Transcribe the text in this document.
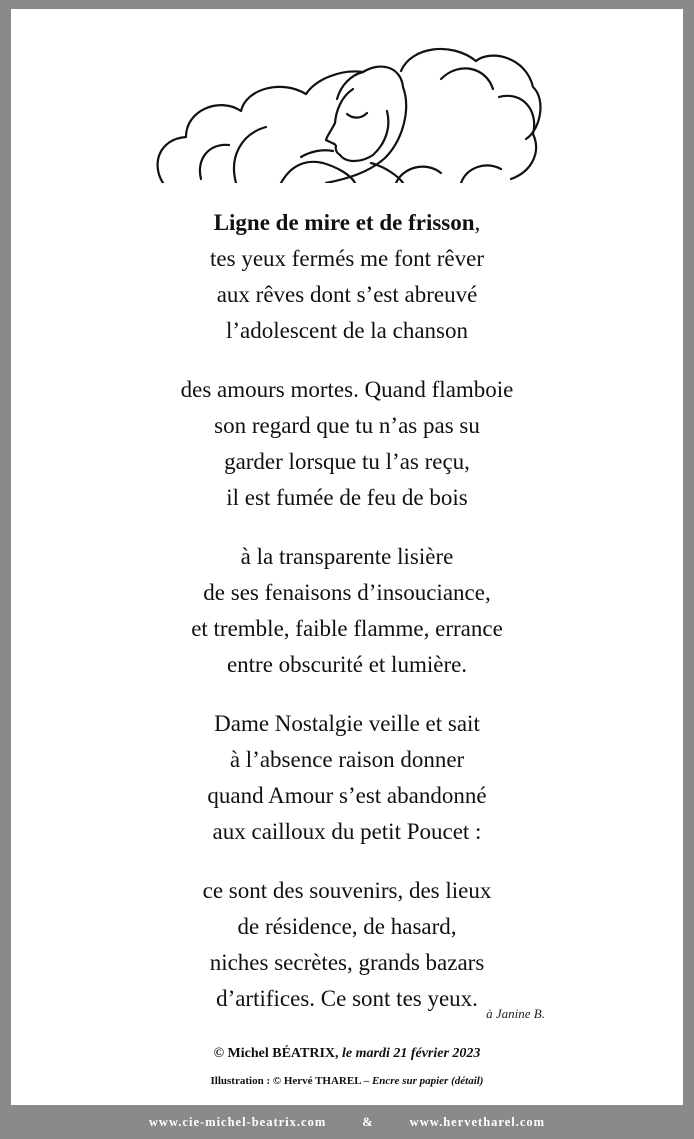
Ligne de mire et de frisson,
tes yeux fermés me font rêver
aux rêves dont s’est abreuvé
l’adolescent de la chanson
des amours mortes. Quand flamboie
son regard que tu n’as pas su
garder lorsque tu l’as reçu,
il est fumée de feu de bois
à la transparente lisière
de ses fenaisons d’insouciance,
et tremble, faible flamme, errance
entre obscurité et lumière.
Dame Nostalgie veille et sait
à l’absence raison donner
quand Amour s’est abandonné
aux cailloux du petit Poucet :
ce sont des souvenirs, des lieux
de résidence, de hasard,
niches secrètes, grands bazars
d’artifices. Ce sont tes yeux.
à Janine B.
© Michel BÉATRIX, le mardi 21 février 2023
Illustration : © Hervé THAREL – Encre sur papier (détail)
www.cie-michel-beatrix.com	&	www.hervetharel.com
